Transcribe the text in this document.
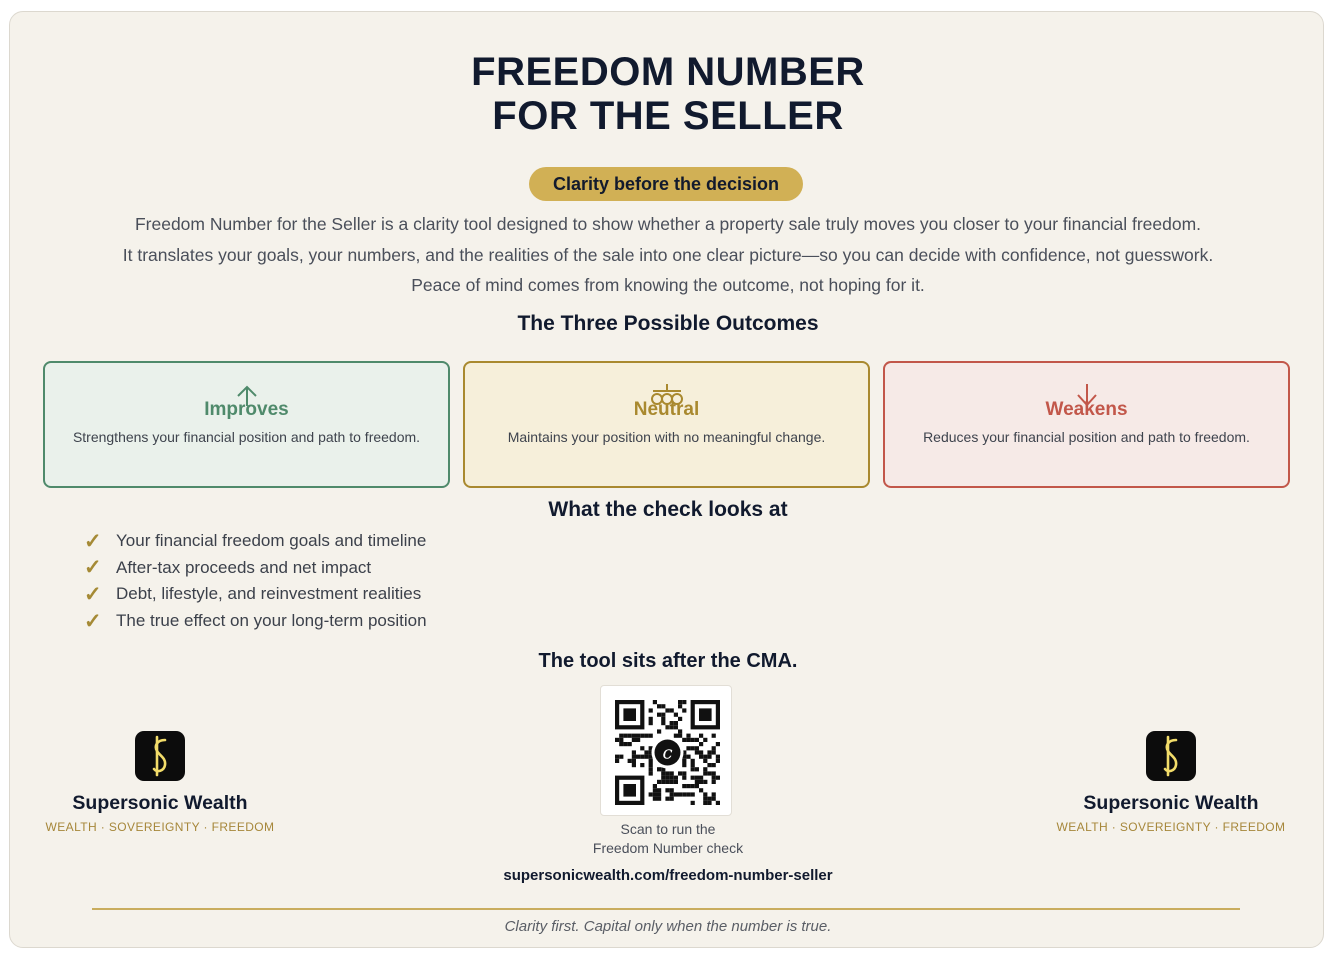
FREEDOM NUMBER
FOR THE SELLER
Clarity before the decision
Freedom Number for the Seller is a clarity tool designed to show whether a property sale truly moves you closer to your financial freedom.
It translates your goals, your numbers, and the realities of the sale into one clear picture—so you can decide with confidence, not guesswork.
Peace of mind comes from knowing the outcome, not hoping for it.
The Three Possible Outcomes
Improves
Strengthens your financial position and path to freedom.
Neutral
Maintains your position with no meaningful change.
Weakens
Reduces your financial position and path to freedom.
What the check looks at
✓ Your financial freedom goals and timeline
✓ After-tax proceeds and net impact
✓ Debt, lifestyle, and reinvestment realities
✓ The true effect on your long-term position
The tool sits after the CMA.
Supersonic Wealth
WEALTH · SOVEREIGNTY · FREEDOM
Supersonic Wealth
WEALTH · SOVEREIGNTY · FREEDOM
c
Scan to run the
Freedom Number check
supersonicwealth.com/freedom-number-seller
Clarity first. Capital only when the number is true.
